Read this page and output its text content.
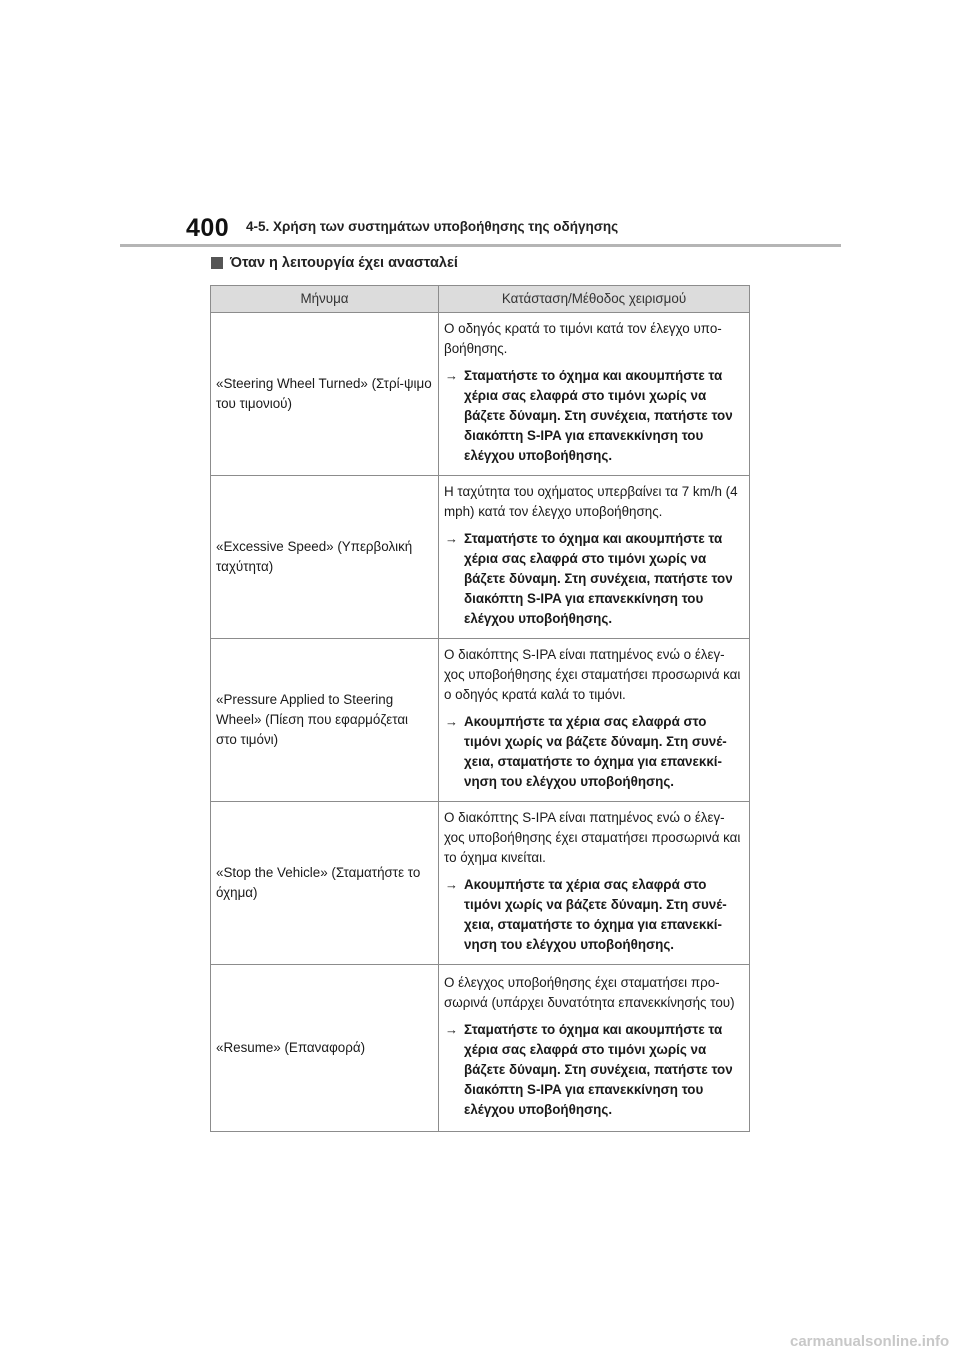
400 4-5. Χρήση των συστημάτων υποβοήθησης της οδήγησης
Όταν η λειτουργία έχει ανασταλεί
Μήνυμα	Κατάσταση/Μέθοδος χειρισμού
«Steering Wheel Turned» (Στρί-ψιμο του τιμονιού)	Ο οδηγός κρατά το τιμόνι κατά τον έλεγχο υπο-βοήθησης.
→ Σταματήστε το όχημα και ακουμπήστε τα χέρια σας ελαφρά στο τιμόνι χωρίς να βάζετε δύναμη. Στη συνέχεια, πατήστε τον διακόπτη S-IPA για επανεκκίνηση του ελέγχου υποβοήθησης.

«Excessive Speed» (Υπερβολική ταχύτητα)	Η ταχύτητα του οχήματος υπερβαίνει τα 7 km/h (4 mph) κατά τον έλεγχο υποβοήθησης.
→ Σταματήστε το όχημα και ακουμπήστε τα χέρια σας ελαφρά στο τιμόνι χωρίς να βάζετε δύναμη. Στη συνέχεια, πατήστε τον διακόπτη S-IPA για επανεκκίνηση του ελέγχου υποβοήθησης.

«Pressure Applied to Steering Wheel» (Πίεση που εφαρμόζεται στο τιμόνι)	Ο διακόπτης S-IPA είναι πατημένος ενώ ο έλεγ-χος υποβοήθησης έχει σταματήσει προσωρινά και ο οδηγός κρατά καλά το τιμόνι.
→ Ακουμπήστε τα χέρια σας ελαφρά στο τιμόνι χωρίς να βάζετε δύναμη. Στη συνέ-χεια, σταματήστε το όχημα για επανεκκί-νηση του ελέγχου υποβοήθησης.

«Stop the Vehicle» (Σταματήστε το όχημα)	Ο διακόπτης S-IPA είναι πατημένος ενώ ο έλεγ-χος υποβοήθησης έχει σταματήσει προσωρινά και το όχημα κινείται.
→ Ακουμπήστε τα χέρια σας ελαφρά στο τιμόνι χωρίς να βάζετε δύναμη. Στη συνέ-χεια, σταματήστε το όχημα για επανεκκί-νηση του ελέγχου υποβοήθησης.

«Resume» (Επαναφορά)	Ο έλεγχος υποβοήθησης έχει σταματήσει προ-σωρινά (υπάρχει δυνατότητα επανεκκίνησής του)
→ Σταματήστε το όχημα και ακουμπήστε τα χέρια σας ελαφρά στο τιμόνι χωρίς να βάζετε δύναμη. Στη συνέχεια, πατήστε τον διακόπτη S-IPA για επανεκκίνηση του ελέγχου υποβοήθησης.
carmanualsonline.info
